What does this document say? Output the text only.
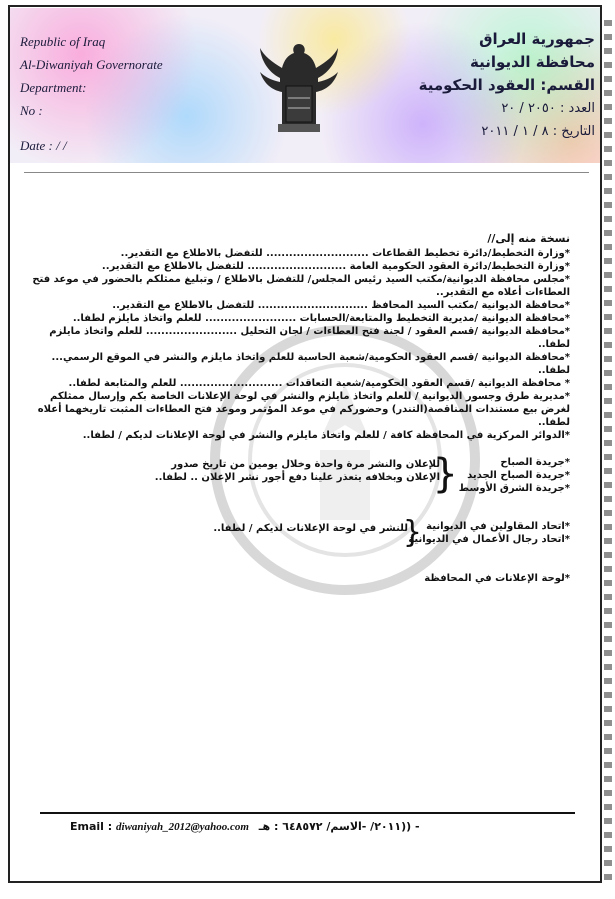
Republic of Iraq
Al-Diwaniyah Governorate
Department:
No :
Date : / /
جمهورية العراق
محافظة الديوانية
القسم: العقود الحكومية
العدد : ٢٠٥٠ / ٢٠
التاريخ : ٨ / ١ / ٢٠١١

نسخة منه إلى//

*وزارة التخطيط/دائرة تخطيط القطاعات ........................... للتفضل بالاطلاع مع التقدير..

*وزارة التخطيط/دائرة العقود الحكومية العامة .......................... للتفضل بالاطلاع مع التقدير..

*مجلس محافظة الديوانية/مكتب السيد رئيس المجلس/ للتفضل بالاطلاع / وتبليغ ممثلكم بالحضور في موعد فتح العطاءات أعلاه مع التقدير..

*محافظة الديوانية /مكتب السيد المحافظ ............................. للتفضل بالاطلاع مع التقدير..

*محافظة الديوانية /مديرية التخطيط والمتابعة/الحسابات ........................ للعلم واتخاذ مايلزم لطفا..

*محافظة الديوانية /قسم العقود / لجنة فتح العطاءات / لجان التحليل ........................ للعلم واتخاذ مايلزم لطفا..

*محافظة الديوانية /قسم العقود الحكومية/شعبة الحاسبة للعلم واتخاذ مايلزم والنشر في الموقع الرسمي... لطفا..

* محافظة الديوانية /قسم العقود الحكومية/شعبة التعاقدات ........................... للعلم والمتابعة لطفا..

*مديرية طرق وجسور الديوانية / للعلم واتخاذ مايلزم والنشر في لوحة الإعلانات الخاصة بكم وإرسال ممثلكم لغرض بيع مستندات المناقصة(التندر) وحضوركم في موعد المؤتمر وموعد فتح العطاءات المثبت تاريخهما أعلاه لطفا..

*الدوائر المركزية في المحافظة كافة / للعلم واتخاذ مايلزم والنشر في لوحة الإعلانات لديكم / لطفا..

*جريدة الصباح

*جريدة الصباح الجديد

*جريدة الشرق الأوسط

{

للإعلان والنشر مرة واحدة وخلال يومين من تاريخ صدور الإعلان وبخلافه يتعذر علينا دفع أجور نشر الإعلان .. لطفا..

*اتحاد المقاولين في الديوانية

*اتحاد رجال الأعمال في الديوانية

{

للنشر في لوحة الإعلانات لديكم / لطفا..

*لوحة الإعلانات في المحافظة

Email : diwaniyah_2012@yahoo.com - ((٢٠١١/ -الاسم/ ٦٤٨٥٧٢ : هـ
